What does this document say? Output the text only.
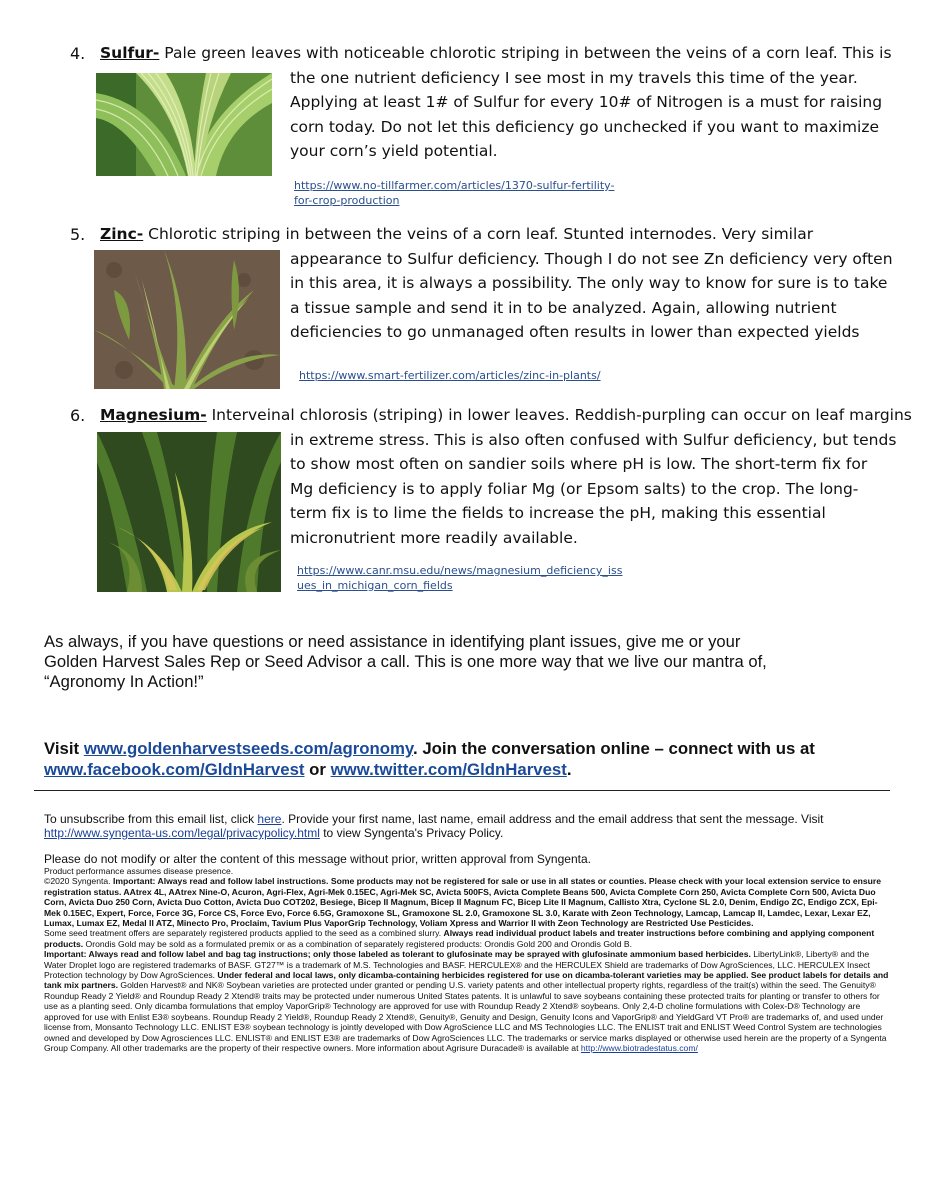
4. Sulfur- Pale green leaves with noticeable chlorotic striping in between the veins of a corn leaf. This is
the one nutrient deficiency I see most in my travels this time of the year.
Applying at least 1# of Sulfur for every 10# of Nitrogen is a must for raising
corn today. Do not let this deficiency go unchecked if you want to maximize
your corn’s yield potential.
https://www.no-tillfarmer.com/articles/1370-sulfur-fertility-
for-crop-production
5. Zinc- Chlorotic striping in between the veins of a corn leaf. Stunted internodes. Very similar
appearance to Sulfur deficiency. Though I do not see Zn deficiency very often
in this area, it is always a possibility. The only way to know for sure is to take
a tissue sample and send it in to be analyzed. Again, allowing nutrient
deficiencies to go unmanaged often results in lower than expected yields
https://www.smart-fertilizer.com/articles/zinc-in-plants/
6. Magnesium- Interveinal chlorosis (striping) in lower leaves. Reddish-purpling can occur on leaf margins
in extreme stress. This is also often confused with Sulfur deficiency, but tends
to show most often on sandier soils where pH is low. The short-term fix for
Mg deficiency is to apply foliar Mg (or Epsom salts) to the crop. The long-
term fix is to lime the fields to increase the pH, making this essential
micronutrient more readily available.
https://www.canr.msu.edu/news/magnesium_deficiency_iss
ues_in_michigan_corn_fields
As always, if you have questions or need assistance in identifying plant issues, give me or your
Golden Harvest Sales Rep or Seed Advisor a call. This is one more way that we live our mantra of,
“Agronomy In Action!”
Visit www.goldenharvestseeds.com/agronomy. Join the conversation online – connect with us at
www.facebook.com/GldnHarvest or www.twitter.com/GldnHarvest.
To unsubscribe from this email list, click here. Provide your first name, last name, email address and the email address that sent the message. Visit
http://www.syngenta-us.com/legal/privacypolicy.html to view Syngenta's Privacy Policy.
Please do not modify or alter the content of this message without prior, written approval from Syngenta.
Product performance assumes disease presence.
©2020 Syngenta. Important: Always read and follow label instructions. Some products may not be registered for sale or use in all states or counties. Please check with your local extension service to ensure registration status. AAtrex 4L, AAtrex Nine-O, Acuron, Agri-Flex, Agri-Mek 0.15EC, Agri-Mek SC, Avicta 500FS, Avicta Complete Beans 500, Avicta Complete Corn 250, Avicta Complete Corn 500, Avicta Duo Corn, Avicta Duo 250 Corn, Avicta Duo Cotton, Avicta Duo COT202, Besiege, Bicep II Magnum, Bicep II Magnum FC, Bicep Lite II Magnum, Callisto Xtra, Cyclone SL 2.0, Denim, Endigo ZC, Endigo ZCX, Epi-Mek 0.15EC, Expert, Force, Force 3G, Force CS, Force Evo, Force 6.5G, Gramoxone SL, Gramoxone SL 2.0, Gramoxone SL 3.0, Karate with Zeon Technology, Lamcap, Lamcap II, Lamdec, Lexar, Lexar EZ, Lumax, Lumax EZ, Medal II ATZ, Minecto Pro, Proclaim, Tavium Plus VaporGrip Technology, Voliam Xpress and Warrior II with Zeon Technology are Restricted Use Pesticides.
Some seed treatment offers are separately registered products applied to the seed as a combined slurry. Always read individual product labels and treater instructions before combining and applying component products. Orondis Gold may be sold as a formulated premix or as a combination of separately registered products: Orondis Gold 200 and Orondis Gold B.
Important: Always read and follow label and bag tag instructions; only those labeled as tolerant to glufosinate may be sprayed with glufosinate ammonium based herbicides. LibertyLink®, Liberty® and the Water Droplet logo are registered trademarks of BASF. GT27™ is a trademark of M.S. Technologies and BASF. HERCULEX® and the HERCULEX Shield are trademarks of Dow AgroSciences, LLC. HERCULEX Insect Protection technology by Dow AgroSciences. Under federal and local laws, only dicamba-containing herbicides registered for use on dicamba-tolerant varieties may be applied. See product labels for details and tank mix partners. Golden Harvest® and NK® Soybean varieties are protected under granted or pending U.S. variety patents and other intellectual property rights, regardless of the trait(s) within the seed. The Genuity® Roundup Ready 2 Yield® and Roundup Ready 2 Xtend® traits may be protected under numerous United States patents. It is unlawful to save soybeans containing these protected traits for planting or transfer to others for use as a planting seed. Only dicamba formulations that employ VaporGrip® Technology are approved for use with Roundup Ready 2 Xtend® soybeans. Only 2,4-D choline formulations with Colex-D® Technology are approved for use with Enlist E3® soybeans. Roundup Ready 2 Yield®, Roundup Ready 2 Xtend®, Genuity®, Genuity and Design, Genuity Icons and VaporGrip® and YieldGard VT Pro® are trademarks of, and used under license from, Monsanto Technology LLC. ENLIST E3® soybean technology is jointly developed with Dow AgroScience LLC and MS Technologies LLC. The ENLIST trait and ENLIST Weed Control System are technologies owned and developed by Dow Agrosciences LLC. ENLIST® and ENLIST E3® are trademarks of Dow AgroSciences LLC. The trademarks or service marks displayed or otherwise used herein are the property of a Syngenta Group Company. All other trademarks are the property of their respective owners. More information about Agrisure Duracade® is available at http://www.biotradestatus.com/
